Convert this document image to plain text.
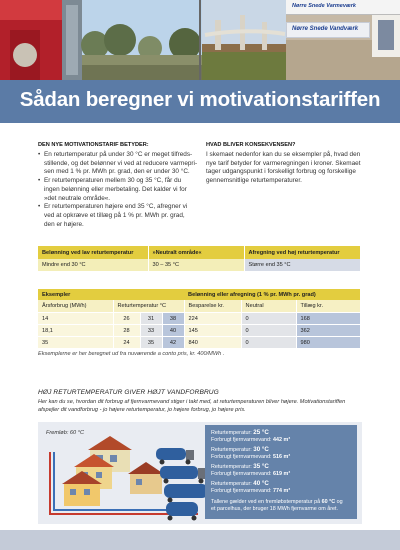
Nørre Snede Varmeværk
Nørre Snede Vandværk
Sådan beregner vi motivationstariffen
DEN NYE MOTIVATIONSTARIF BETYDER:
• En returtemperatur på under 30 °C er meget tilfreds-
stillende, og det belønner vi ved at reducere varmepri-
sen med 1 % pr. MWh pr. grad, den er under 30 °C.
• Er returtemperaturen mellem 30 og 35 °C, får du
ingen belønning eller merbetaling. Det kalder vi for
»det neutrale område«.
• Er returtemperaturen højere end 35 °C, afregner vi
ved at opkræve et tillæg på 1 % pr. MWh pr. grad,
den er højere.
HVAD BLIVER KONSEKVENSEN?
I skemaet nedenfor kan du se eksempler på, hvad den
nye tarif betyder for varmeregningen i kroner. Skemaet
tager udgangspunkt i forskelligt forbrug og forskellige
gennemsnitlige returtemperaturer.
Belønning ved lav returtemperatur	»Neutralt område«	Afregning ved høj returtemperatur
Mindre end 30 °C	30 – 35 °C	Større end 35 °C
Eksempler				Belønning eller afregning (1 % pr. MWh pr. grad)		
Årsforbrug (MWh)	Returtemperatur °C			Besparelse kr.	Neutral	Tillæg kr.
14	26	31	38	224	0	168
18,1	28	33	40	145	0	362
35	24	35	42	840	0	980
Eksemplerne er her beregnet ud fra nuværende a conto pris, kr. 400/MWh .
HØJ RETURTEMPERATUR GIVER HØJT VANDFORBRUG
Her kan du se, hvordan dit forbrug af fjernvarmevand stiger i takt med, at returtemperaturen bliver højere. Motivationstariffen
afspejler dit vandforbrug - jo højere returtemperatur, jo højere forbrug, jo højere pris.
Fremløb: 60 °C	Returtemperatur: 25 °C
Forbrugt fjernvarmevand: 442 m³
Returtemperatur: 30 °C
Forbrugt fjernvarmevand: 516 m³
Returtemperatur: 35 °C
Forbrugt fjernvarmevand: 619 m³
Returtemperatur: 40 °C
Forbrugt fjernvarmevand: 774 m³
Tallene gælder ved en fremløbstemperatur på 60 °C og
et parcelhus, der bruger 18 MWh fjernvarme om året.
